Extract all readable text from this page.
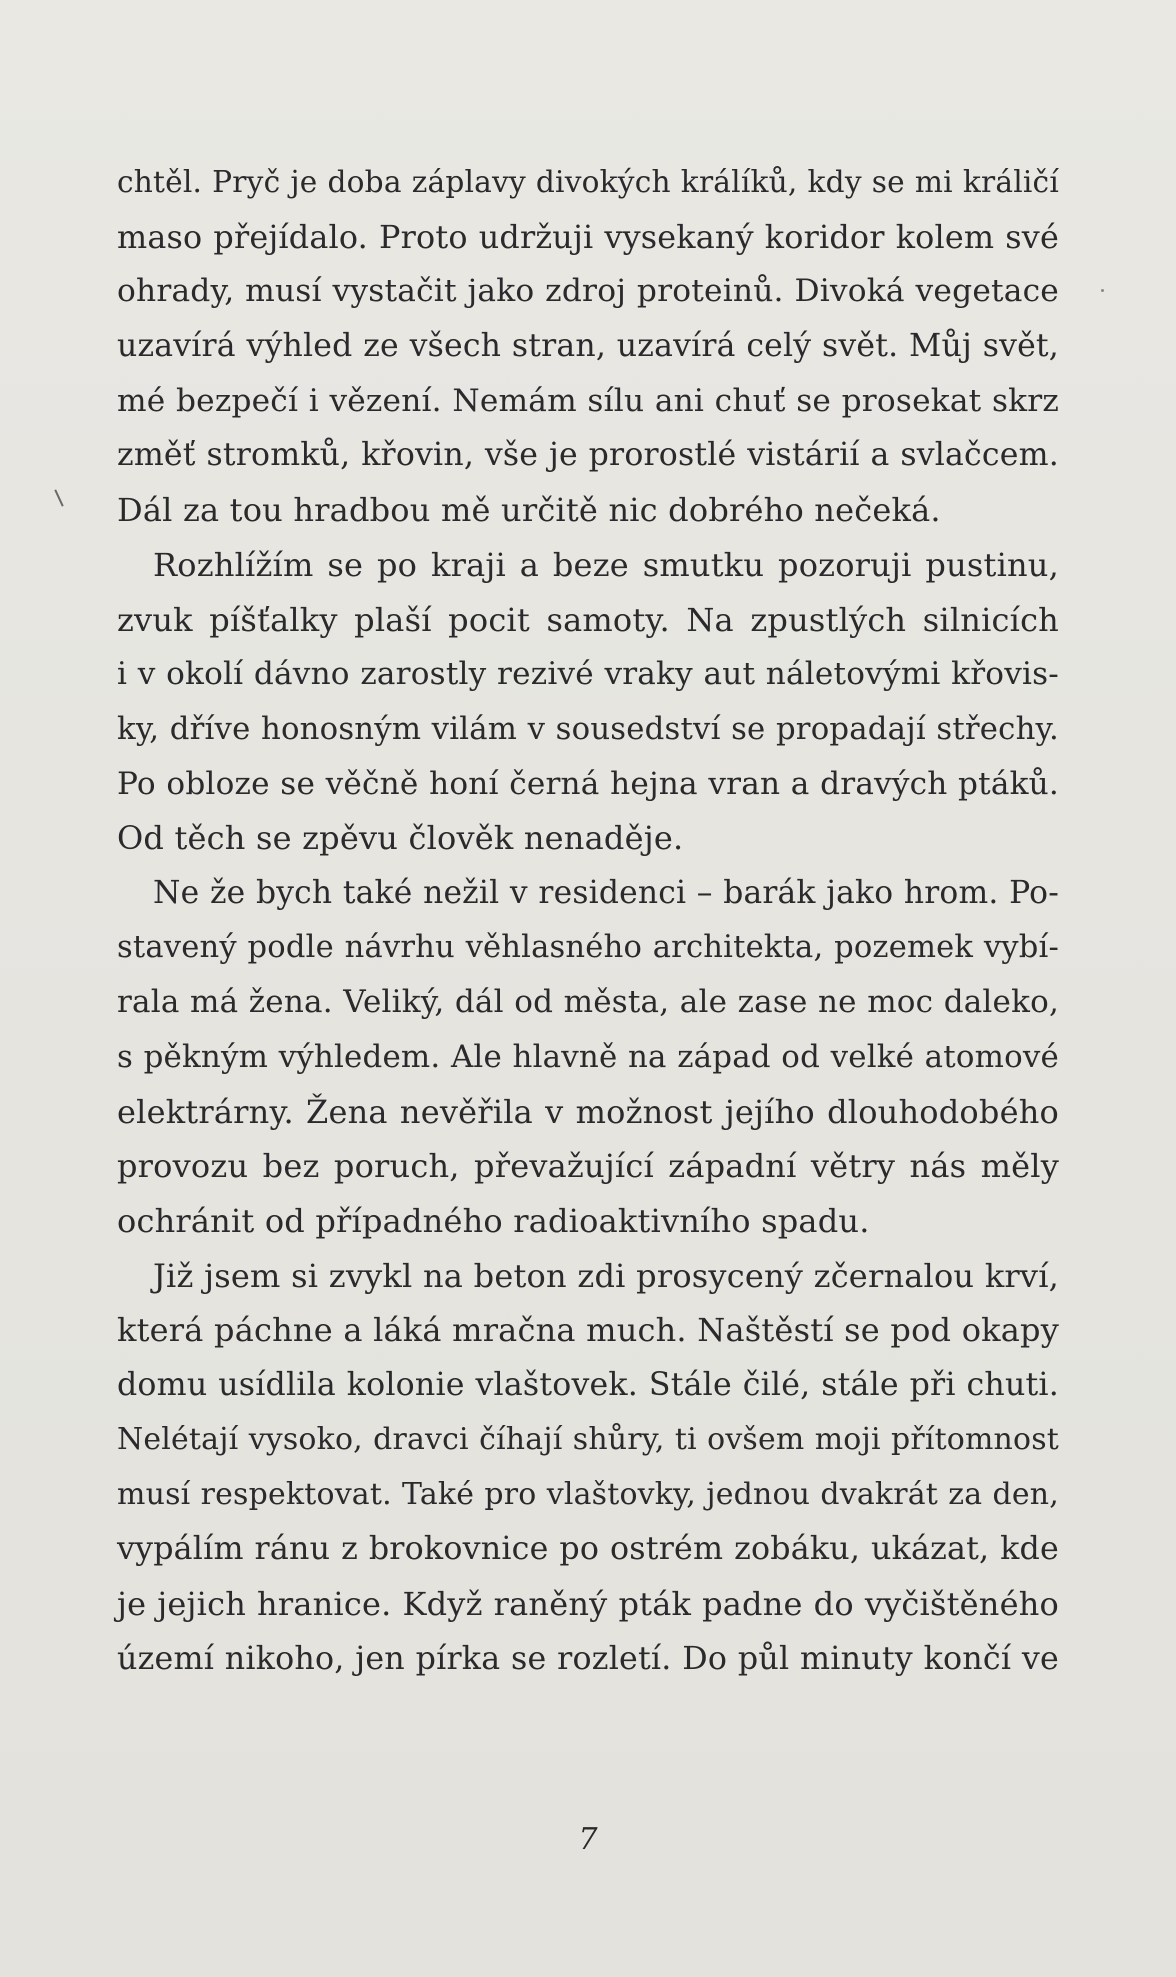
chtěl. Pryč je doba záplavy divokých králíků, kdy se mi králičí
maso přejídalo. Proto udržuji vysekaný koridor kolem své
ohrady, musí vystačit jako zdroj proteinů. Divoká vegetace
uzavírá výhled ze všech stran, uzavírá celý svět. Můj svět,
mé bezpečí i vězení. Nemám sílu ani chuť se prosekat skrz
změť stromků, křovin, vše je prorostlé vistárií a svlačcem.
Dál za tou hradbou mě určitě nic dobrého nečeká.
Rozhlížím se po kraji a beze smutku pozoruji pustinu,
zvuk píšťalky plaší pocit samoty. Na zpustlých silnicích
i v okolí dávno zarostly rezivé vraky aut náletovými křovis-
ky, dříve honosným vilám v sousedství se propadají střechy.
Po obloze se věčně honí černá hejna vran a dravých ptáků.
Od těch se zpěvu člověk nenaděje.
Ne že bych také nežil v residenci – barák jako hrom. Po-
stavený podle návrhu věhlasného architekta, pozemek vybí-
rala má žena. Veliký, dál od města, ale zase ne moc daleko,
s pěkným výhledem. Ale hlavně na západ od velké atomové
elektrárny. Žena nevěřila v možnost jejího dlouhodobého
provozu bez poruch, převažující západní větry nás měly
ochránit od případného radioaktivního spadu.
Již jsem si zvykl na beton zdi prosycený zčernalou krví,
která páchne a láká mračna much. Naštěstí se pod okapy
domu usídlila kolonie vlaštovek. Stále čilé, stále při chuti.
Nelétají vysoko, dravci číhají shůry, ti ovšem moji přítomnost
musí respektovat. Také pro vlaštovky, jednou dvakrát za den,
vypálím ránu z brokovnice po ostrém zobáku, ukázat, kde
je jejich hranice. Když raněný pták padne do vyčištěného
území nikoho, jen pírka se rozletí. Do půl minuty končí ve
7
